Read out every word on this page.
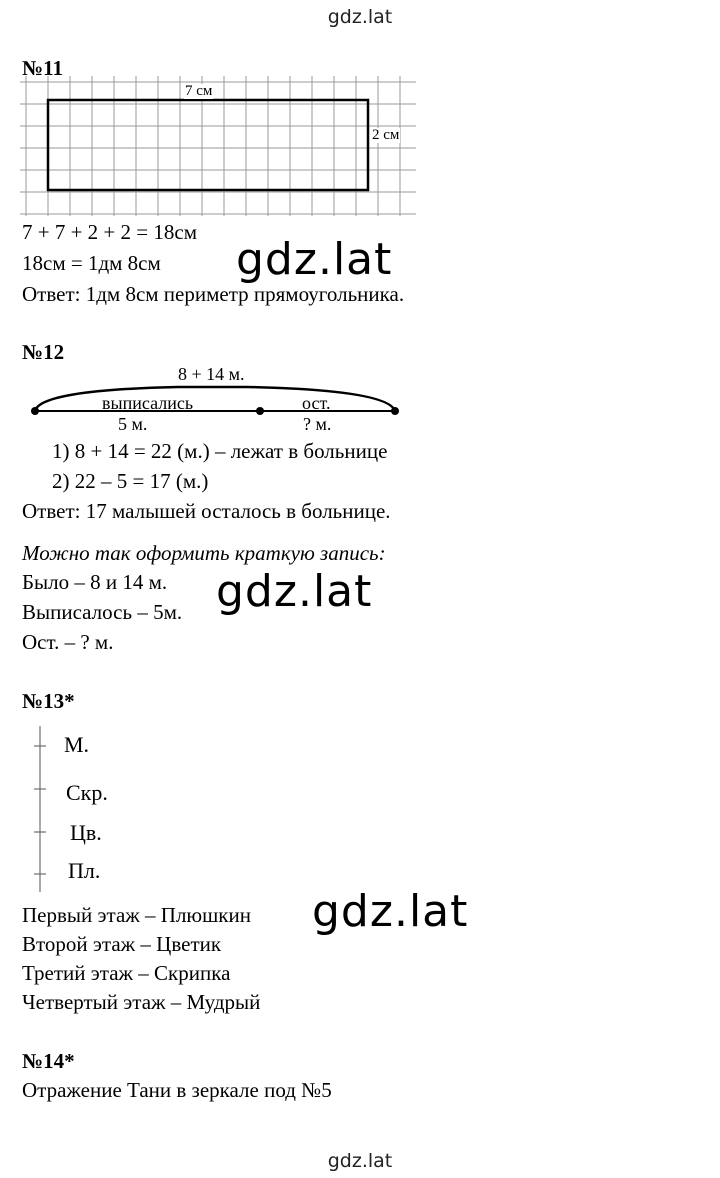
gdz.lat
№11
7 см
2 см
7 + 7 + 2 + 2 = 18см
18см = 1дм 8см
Ответ: 1дм 8см периметр прямоугольника.
gdz.lat
№12
8 + 14 м.
выписались
5 м.
ост.
? м.
1) 8 + 14 = 22 (м.) – лежат в больнице
2) 22 – 5 = 17 (м.)
Ответ: 17 малышей осталось в больнице.
Можно так оформить краткую запись:
Было – 8 и 14 м.
Выписалось – 5м.
Ост. – ? м.
gdz.lat
№13*
М.
Скр.
Цв.
Пл.
Первый этаж – Плюшкин
Второй этаж – Цветик
Третий этаж – Скрипка
Четвертый этаж – Мудрый
gdz.lat
№14*
Отражение Тани в зеркале под №5
gdz.lat
